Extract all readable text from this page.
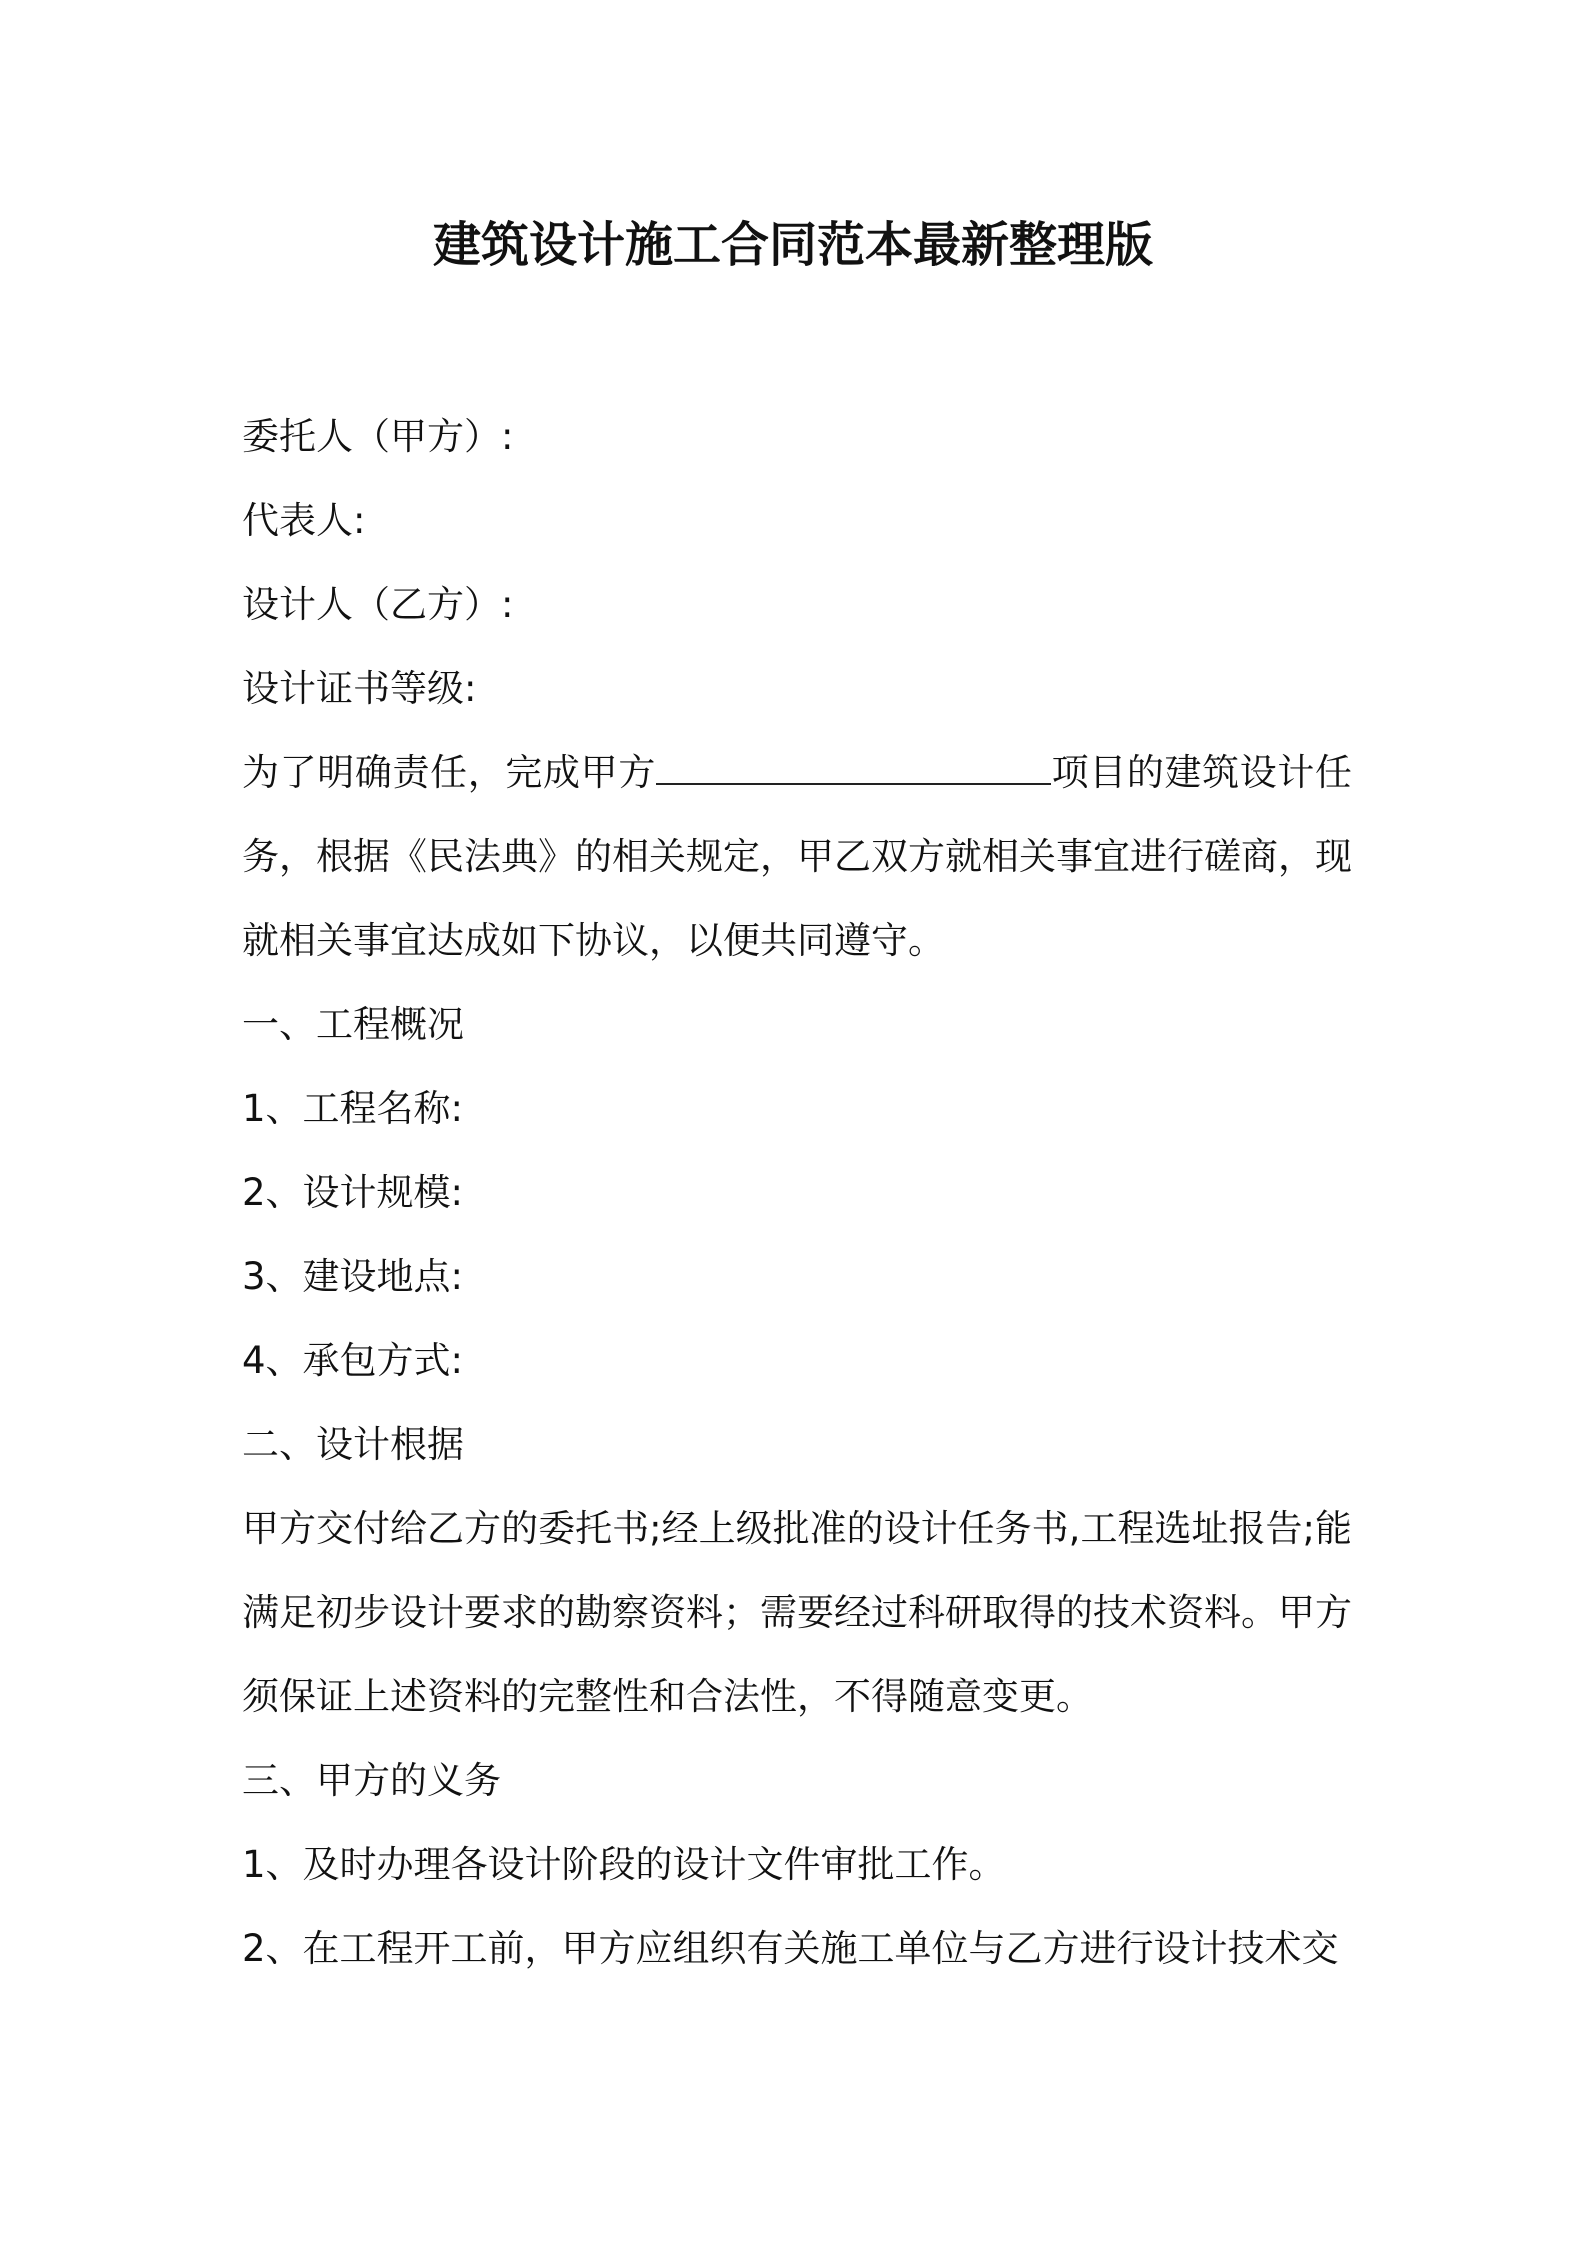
建筑设计施工合同范本最新整理版
委托人（甲方）:
代表人:
设计人（乙方）:
设计证书等级:
为了明确责任，完成甲方	项目的建筑设计任务，根据《民法典》的相关规定，甲乙双方就相关事宜进行磋商，现就相关事宜达成如下协议，以便共同遵守。
一、工程概况
1、工程名称:
2、设计规模:
3、建设地点:
4、承包方式:
二、设计根据
甲方交付给乙方的委托书;经上级批准的设计任务书,工程选址报告;能满足初步设计要求的勘察资料；需要经过科研取得的技术资料。甲方须保证上述资料的完整性和合法性，不得随意变更。
三、甲方的义务
1、及时办理各设计阶段的设计文件审批工作。
2、在工程开工前，甲方应组织有关施工单位与乙方进行设计技术交
